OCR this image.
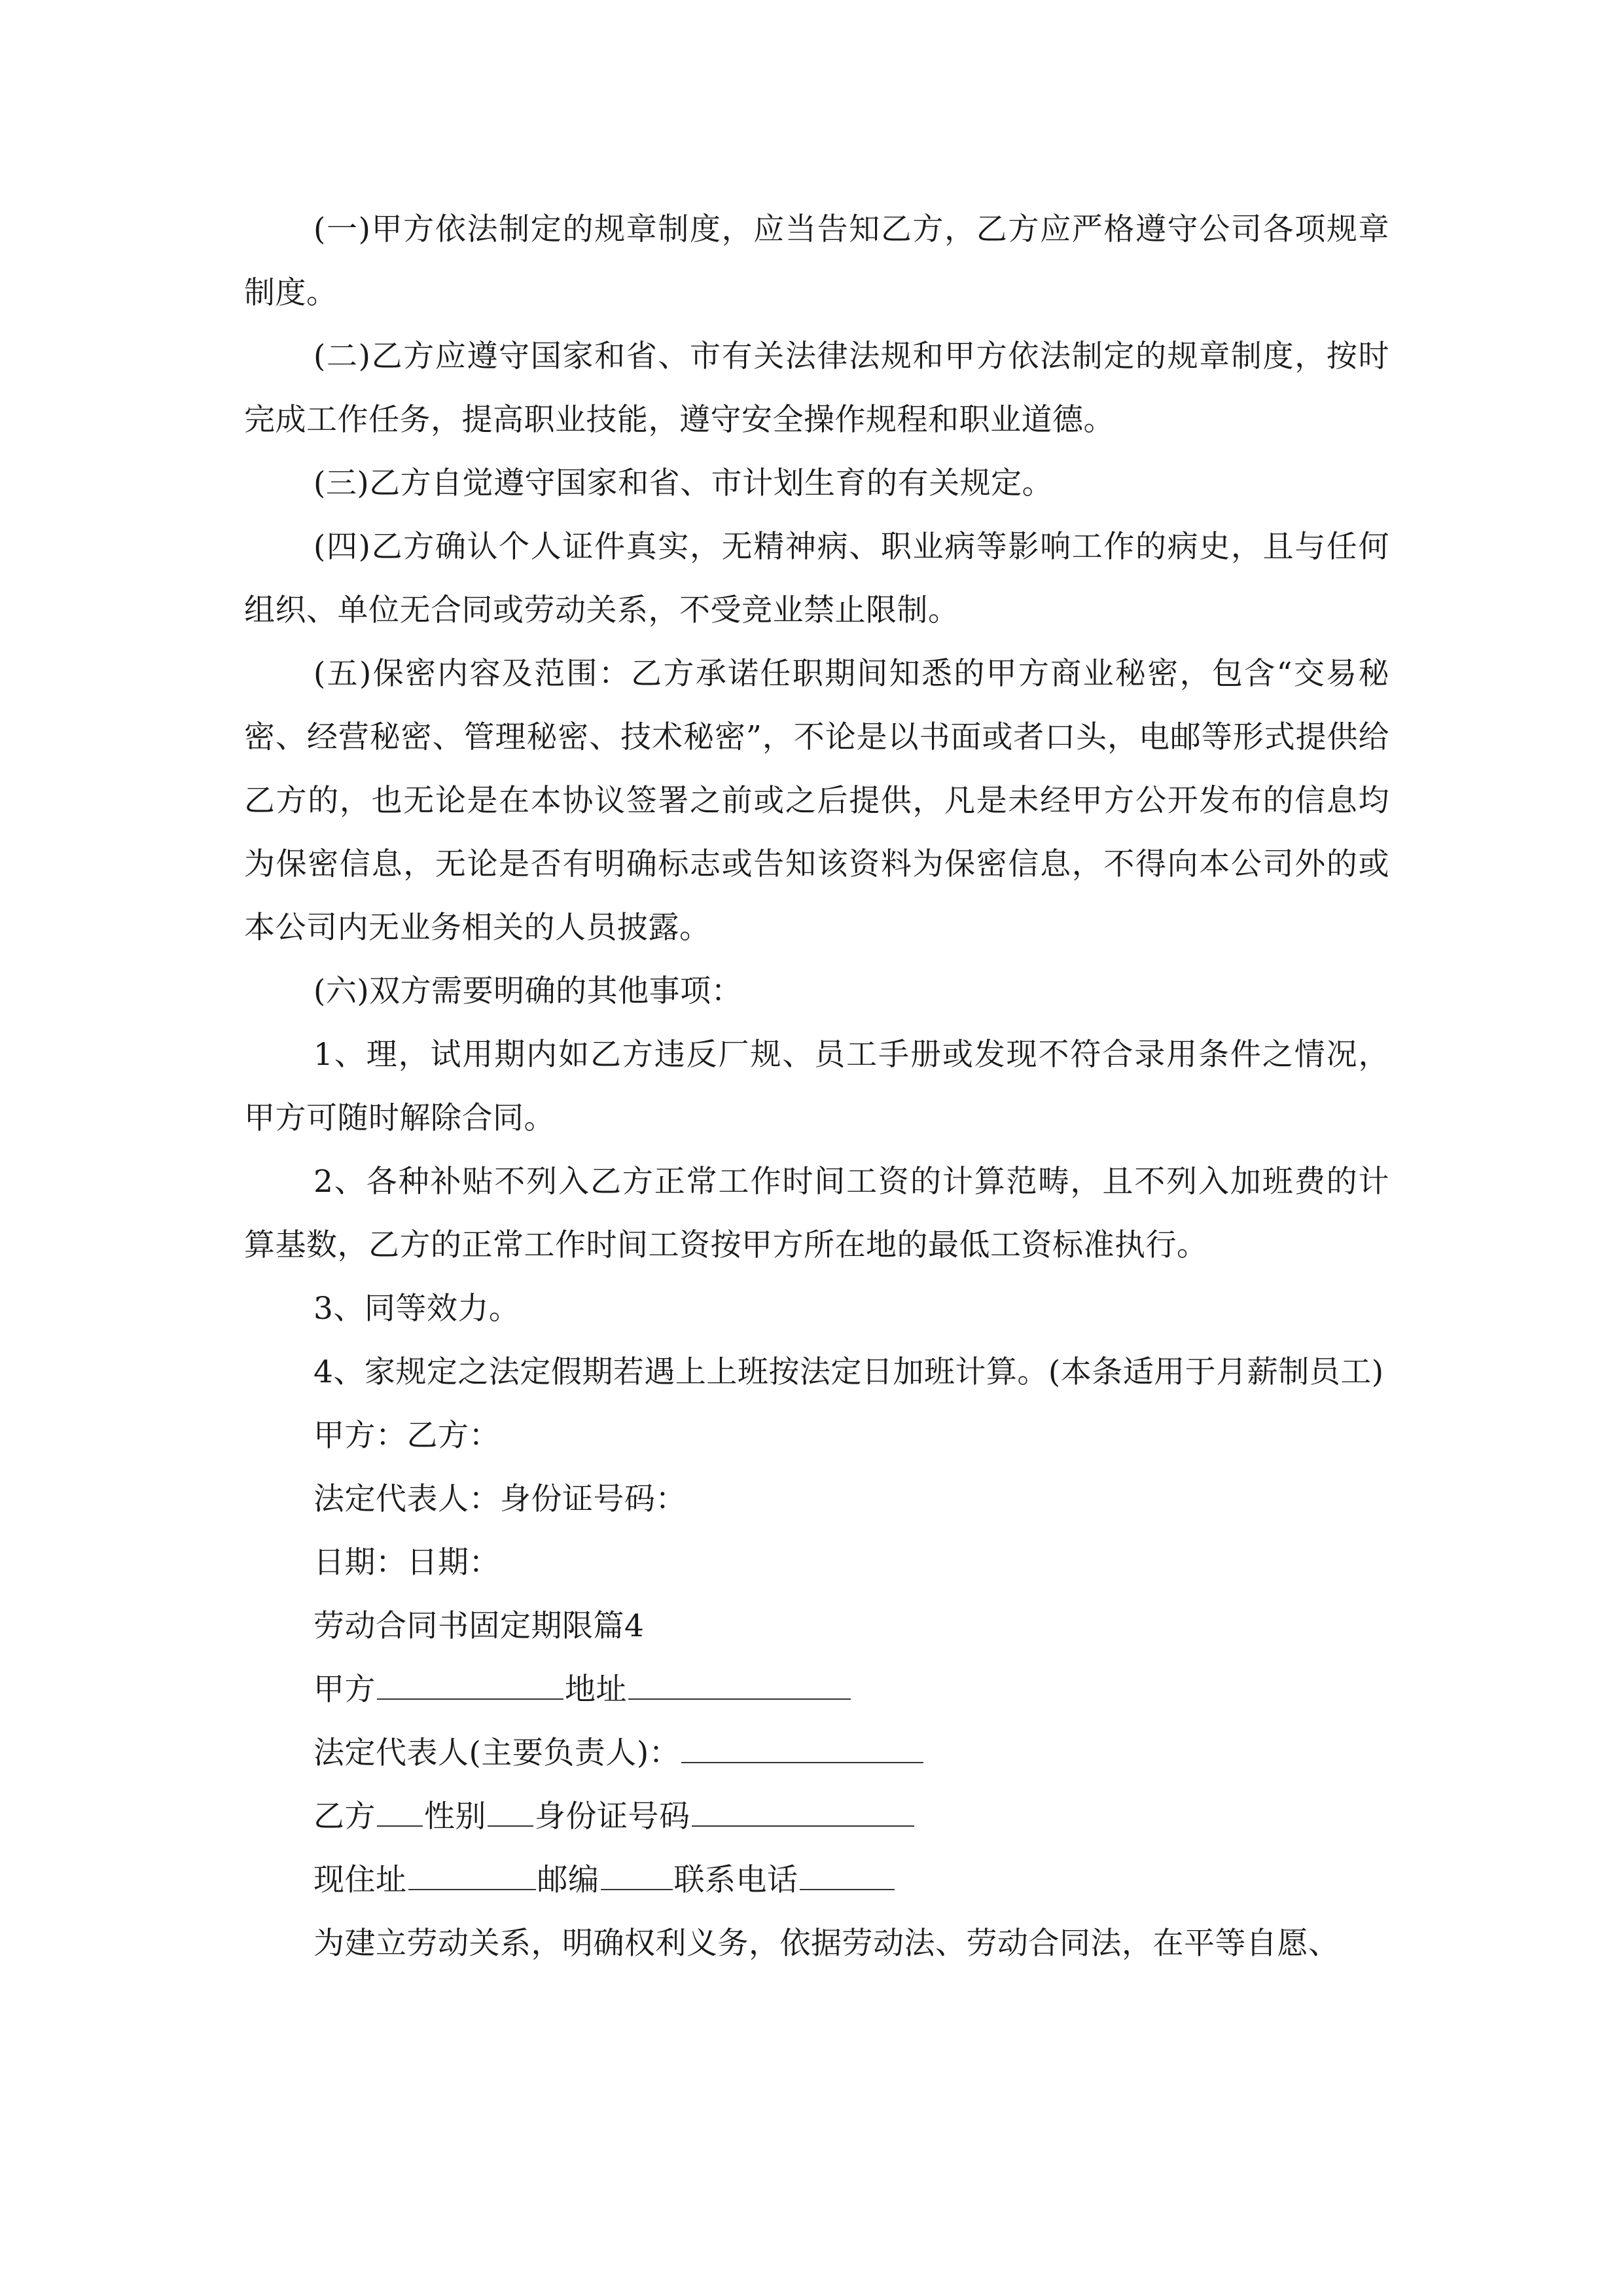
(一)甲方依法制定的规章制度，应当告知乙方，乙方应严格遵守公司各项规章制度。

(二)乙方应遵守国家和省、市有关法律法规和甲方依法制定的规章制度，按时完成工作任务，提高职业技能，遵守安全操作规程和职业道德。

(三)乙方自觉遵守国家和省、市计划生育的有关规定。

(四)乙方确认个人证件真实，无精神病、职业病等影响工作的病史，且与任何组织、单位无合同或劳动关系，不受竞业禁止限制。

(五)保密内容及范围：乙方承诺任职期间知悉的甲方商业秘密，包含“交易秘密、经营秘密、管理秘密、技术秘密”，不论是以书面或者口头，电邮等形式提供给乙方的，也无论是在本协议签署之前或之后提供，凡是未经甲方公开发布的信息均为保密信息，无论是否有明确标志或告知该资料为保密信息，不得向本公司外的或本公司内无业务相关的人员披露。

(六)双方需要明确的其他事项：

1、理，试用期内如乙方违反厂规、员工手册或发现不符合录用条件之情况，甲方可随时解除合同。

2、各种补贴不列入乙方正常工作时间工资的计算范畴，且不列入加班费的计算基数，乙方的正常工作时间工资按甲方所在地的最低工资标准执行。

3、同等效力。

4、家规定之法定假期若遇上上班按法定日加班计算。(本条适用于月薪制员工)

甲方：乙方：

法定代表人：身份证号码：

日期：日期：

劳动合同书固定期限篇4

甲方	地址

法定代表人(主要负责人)：

乙方 性别 身份证号码

现住址	邮编 联系电话

为建立劳动关系，明确权利义务，依据劳动法、劳动合同法，在平等自愿、
